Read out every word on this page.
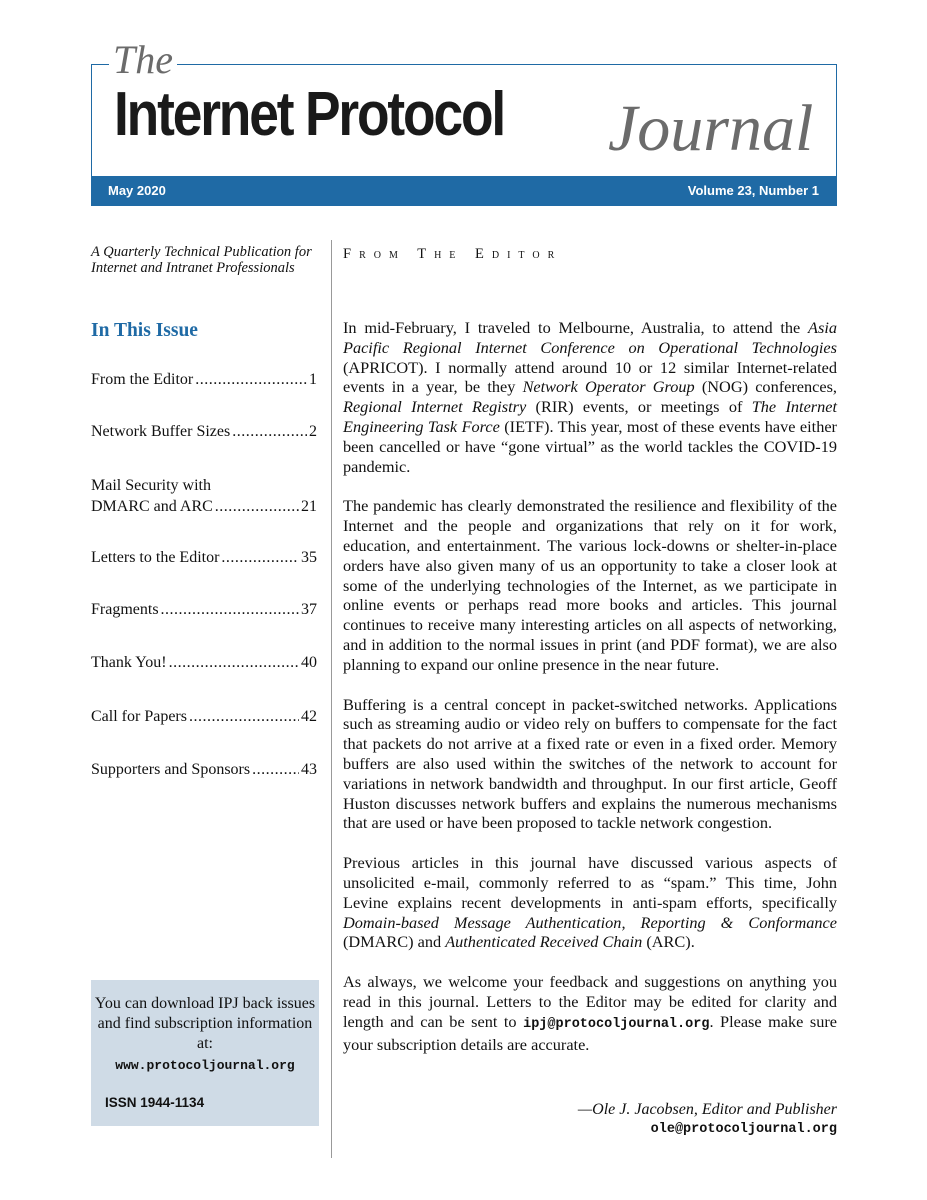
The
Internet Protocol Journal
May 2020	Volume 23, Number 1
A Quarterly Technical Publication for Internet and Intranet Professionals
In This Issue
From the Editor .....	1
Network Buffer Sizes .....	2
Mail Security with
DMARC and ARC .....	21
Letters to the Editor .....	35
Fragments .....	37
Thank You! .....	40
Call for Papers .....	42
Supporters and Sponsors .....	43
You can download IPJ back issues and find subscription information at:
www.protocoljournal.org
ISSN 1944-1134
From The Editor

In mid-February, I traveled to Melbourne, Australia, to attend the Asia Pacific Regional Internet Conference on Operational Technologies (APRICOT). I normally attend around 10 or 12 similar Internet-related events in a year, be they Network Operator Group (NOG) conferences, Regional Internet Registry (RIR) events, or meetings of The Internet Engineering Task Force (IETF). This year, most of these events have either been cancelled or have “gone virtual” as the world tackles the COVID-19 pandemic.

The pandemic has clearly demonstrated the resilience and flexibility of the Internet and the people and organizations that rely on it for work, education, and entertainment. The various lock-downs or shelter-in-place orders have also given many of us an opportunity to take a closer look at some of the underlying technologies of the Internet, as we participate in online events or perhaps read more books and articles. This journal continues to receive many interesting articles on all aspects of networking, and in addition to the normal issues in print (and PDF format), we are also planning to expand our online presence in the near future.

Buffering is a central concept in packet-switched networks. Applications such as streaming audio or video rely on buffers to compensate for the fact that packets do not arrive at a fixed rate or even in a fixed order. Memory buffers are also used within the switches of the network to account for variations in network bandwidth and throughput. In our first article, Geoff Huston discusses network buffers and explains the numerous mechanisms that are used or have been proposed to tackle network congestion.

Previous articles in this journal have discussed various aspects of unsolicited e-mail, commonly referred to as “spam.” This time, John Levine explains recent developments in anti-spam efforts, specifically Domain-based Message Authentication, Reporting & Conformance (DMARC) and Authenticated Received Chain (ARC).

As always, we welcome your feedback and suggestions on anything you read in this journal. Letters to the Editor may be edited for clarity and length and can be sent to ipj@protocoljournal.org. Please make sure your subscription details are accurate.

—Ole J. Jacobsen, Editor and Publisher
ole@protocoljournal.org
